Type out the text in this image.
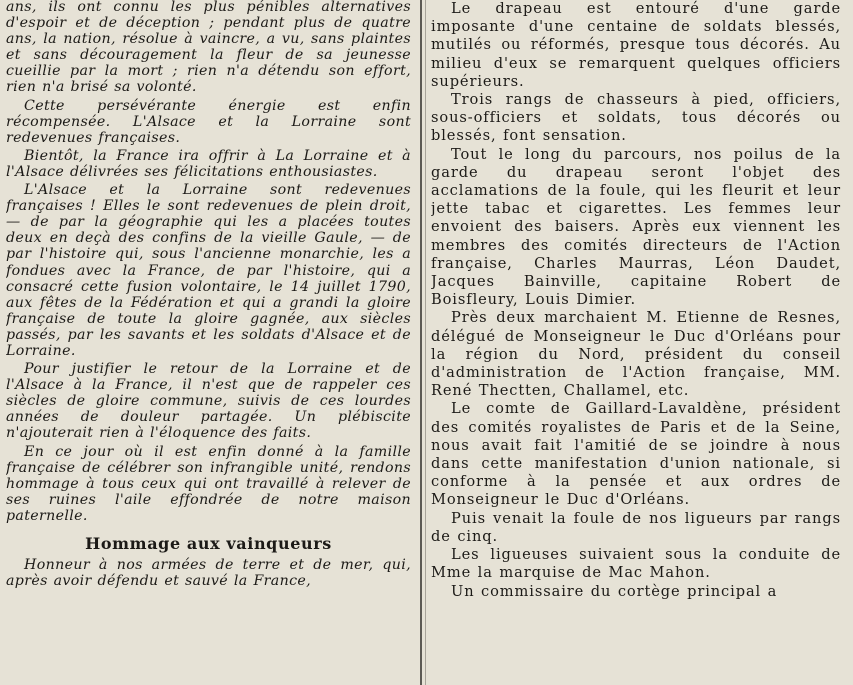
ans, ils ont connu les plus pénibles alternatives d'espoir et de déception ; pendant plus de quatre ans, la nation, résolue à vaincre, a vu, sans plaintes et sans découragement la fleur de sa jeunesse cueillie par la mort ; rien n'a détendu son effort, rien n'a brisé sa volonté.

Cette persévérante énergie est enfin récompensée. L'Alsace et la Lorraine sont redevenues françaises.

Bientôt, la France ira offrir à La Lorraine et à l'Alsace délivrées ses félicitations enthousiastes.

L'Alsace et la Lorraine sont redevenues françaises ! Elles le sont redevenues de plein droit, — de par la géographie qui les a placées toutes deux en deçà des confins de la vieille Gaule, — de par l'histoire qui, sous l'ancienne monarchie, les a fondues avec la France, de par l'histoire, qui a consacré cette fusion volontaire, le 14 juillet 1790, aux fêtes de la Fédération et qui a grandi la gloire française de toute la gloire gagnée, aux siècles passés, par les savants et les soldats d'Alsace et de Lorraine.

Pour justifier le retour de la Lorraine et de l'Alsace à la France, il n'est que de rappeler ces siècles de gloire commune, suivis de ces lourdes années de douleur partagée. Un plébiscite n'ajouterait rien à l'éloquence des faits.

En ce jour où il est enfin donné à la famille française de célébrer son infrangible unité, rendons hommage à tous ceux qui ont travaillé à relever de ses ruines l'aile effondrée de notre maison paternelle.

Hommage aux vainqueurs

Honneur à nos armées de terre et de mer, qui, après avoir défendu et sauvé la France,

Le drapeau est entouré d'une garde imposante d'une centaine de soldats blessés, mutilés ou réformés, presque tous décorés. Au milieu d'eux se remarquent quelques officiers supérieurs.

Trois rangs de chasseurs à pied, officiers, sous-officiers et soldats, tous décorés ou blessés, font sensation.

Tout le long du parcours, nos poilus de la garde du drapeau seront l'objet des acclamations de la foule, qui les fleurit et leur jette tabac et cigarettes. Les femmes leur envoient des baisers. Après eux viennent les membres des comités directeurs de l'Action française, Charles Maurras, Léon Daudet, Jacques Bainville, capitaine Robert de Boisfleury, Louis Dimier.

Près deux marchaient M. Etienne de Resnes, délégué de Monseigneur le Duc d'Orléans pour la région du Nord, président du conseil d'administration de l'Action française, MM. René Thectten, Challamel, etc.

Le comte de Gaillard-Lavaldène, président des comités royalistes de Paris et de la Seine, nous avait fait l'amitié de se joindre à nous dans cette manifestation d'union nationale, si conforme à la pensée et aux ordres de Monseigneur le Duc d'Orléans.

Puis venait la foule de nos ligueurs par rangs de cinq.

Les ligueuses suivaient sous la conduite de Mme la marquise de Mac Mahon.

Un commissaire du cortège principal a
